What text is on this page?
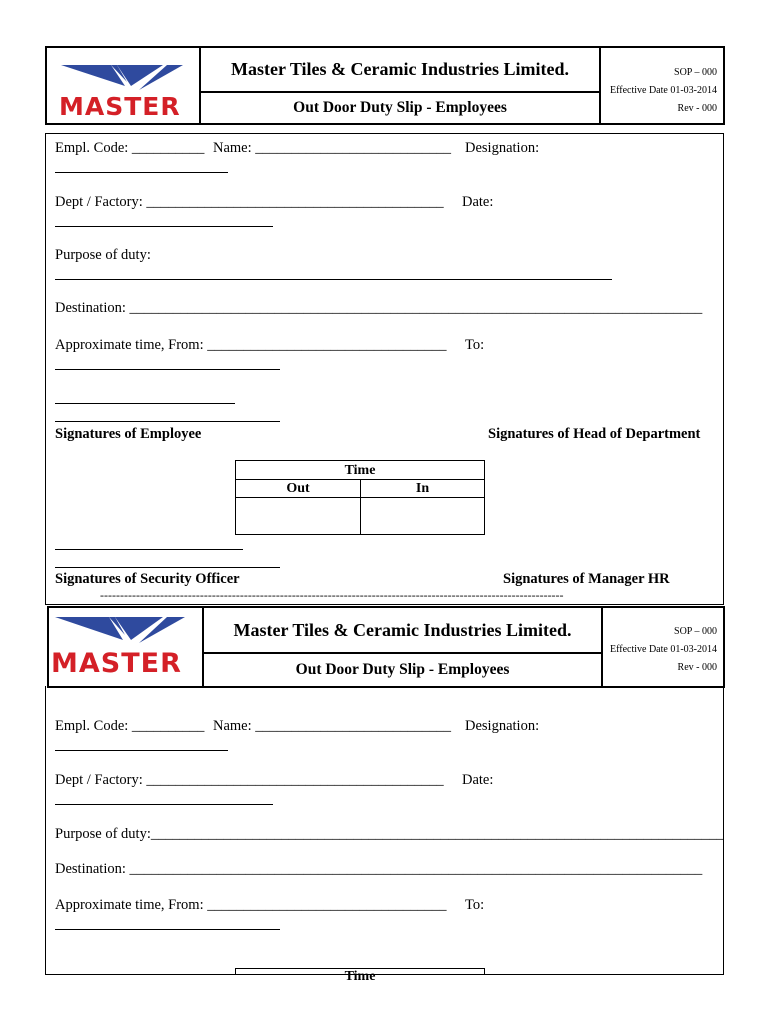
MASTER
Master Tiles & Ceramic Industries Limited.
Out Door Duty Slip - Employees
SOP – 000
Effective Date 01-03-2014
Rev - 000
Empl. Code: __________ Name: ___________________________ Designation:
Dept / Factory: _________________________________________ Date:
Purpose of duty:
Destination: _______________________________________________________________________________
Approximate time, From: _________________________________ To:
Signatures of Employee	Signatures of Head of Department
Time
Out	In
Signatures of Security Officer	Signatures of Manager HR
--------------------------------------------------------------------------------------------------------------------
MASTER
Master Tiles & Ceramic Industries Limited.
Out Door Duty Slip - Employees
SOP – 000
Effective Date 01-03-2014
Rev - 000
Empl. Code: __________ Name: ___________________________ Designation:
Dept / Factory: _________________________________________ Date:
Purpose of duty:_______________________________________________________________________________
Destination: _______________________________________________________________________________
Approximate time, From: _________________________________ To:
Time
